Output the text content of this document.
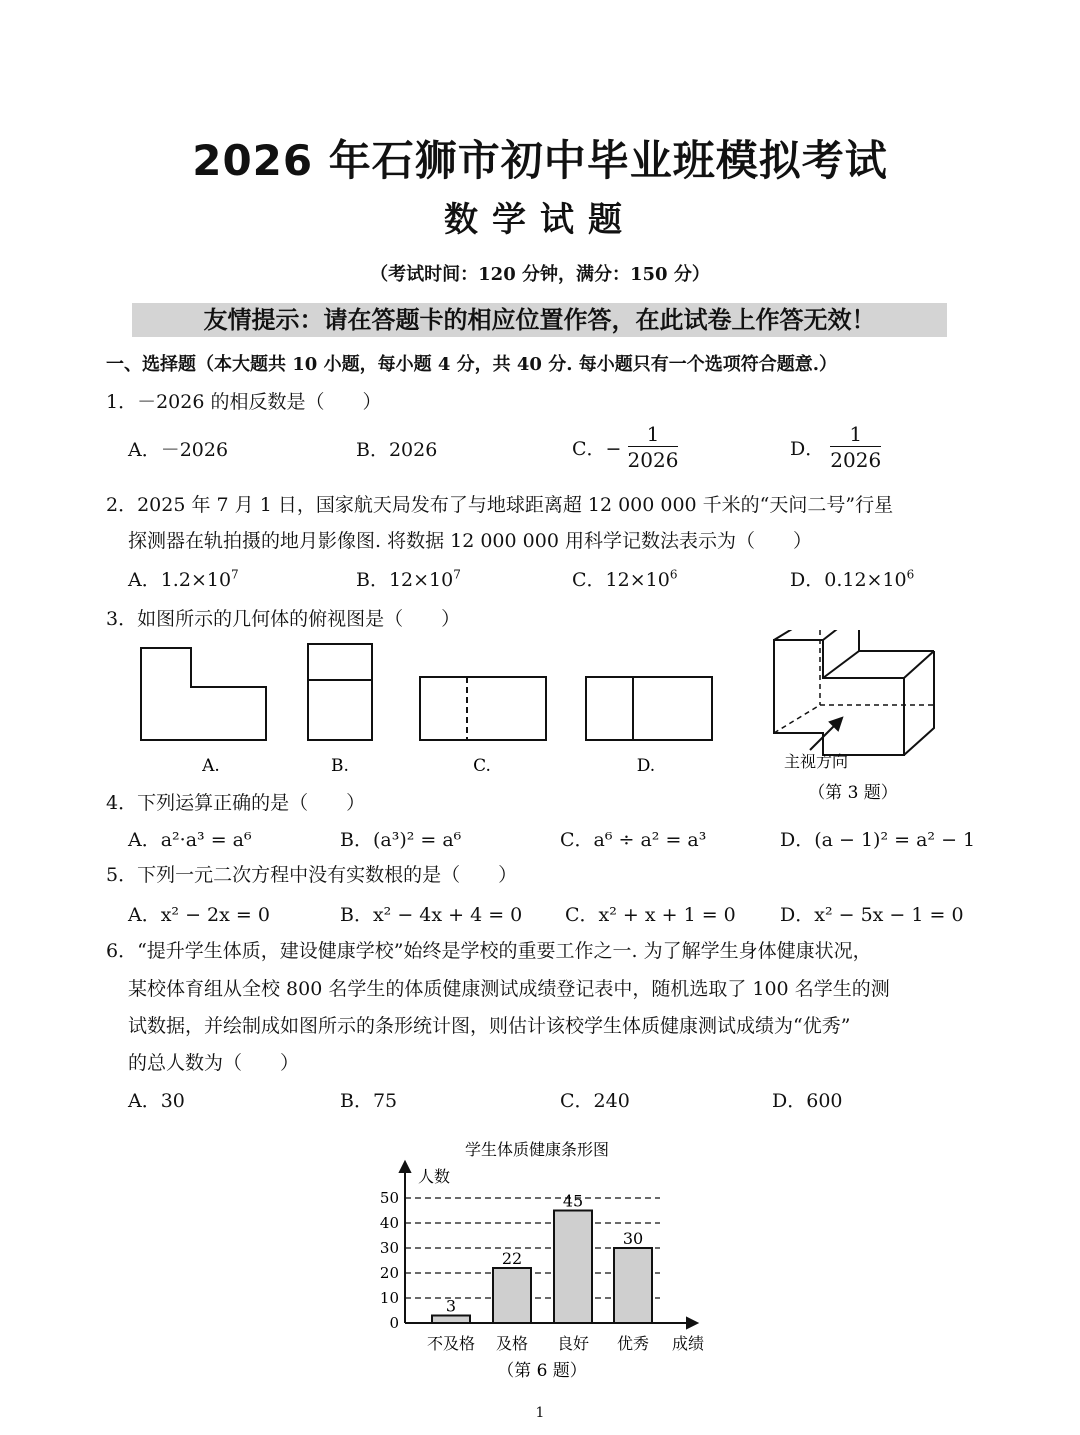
2026 年石狮市初中毕业班模拟考试
数学试题
（考试时间：120 分钟，满分：150 分）
友情提示：请在答题卡的相应位置作答，在此试卷上作答无效！
一、选择题（本大题共 10 小题，每小题 4 分，共 40 分. 每小题只有一个选项符合题意.）
1．－2026 的相反数是（　　）
A．－2026	B．2026	C．− $\frac{1}{2026}$	D． $\frac{1}{2026}$
2．2025 年 7 月 1 日，国家航天局发布了与地球距离超 12 000 000 千米的“天问二号”行星
探测器在轨拍摄的地月影像图. 将数据 12 000 000 用科学记数法表示为（　　）
A．$1.2\times 10^7$	B．$12\times 10^7$	C．$12\times 10^6$	D．$0.12\times 10^6$
3．如图所示的几何体的俯视图是（　　）
A.	B.	C.	D.	主视方向
（第 3 题）
4．下列运算正确的是（　　）
A．a²·a³ = a⁶	B．(a³)² = a⁶	C．a⁶ ÷ a² = a³	D．(a − 1)² = a² − 1
5．下列一元二次方程中没有实数根的是（　　）
A．x² − 2x = 0	B．x² − 4x + 4 = 0 C．x² + x + 1 = 0 D．x² − 5x − 1 = 0
6．“提升学生体质，建设健康学校”始终是学校的重要工作之一. 为了解学生身体健康状况，
某校体育组从全校 800 名学生的体质健康测试成绩登记表中，随机选取了 100 名学生的测
试数据，并绘制成如图所示的条形统计图，则估计该校学生体质健康测试成绩为“优秀”
的总人数为（　　）
A．30	B．75	C．240	D．600
学生体质健康条形图
人数
成绩
3
22
45
30
0
10
20
30
40
50
不及格 及格 良好 优秀
（第 6 题）
1
